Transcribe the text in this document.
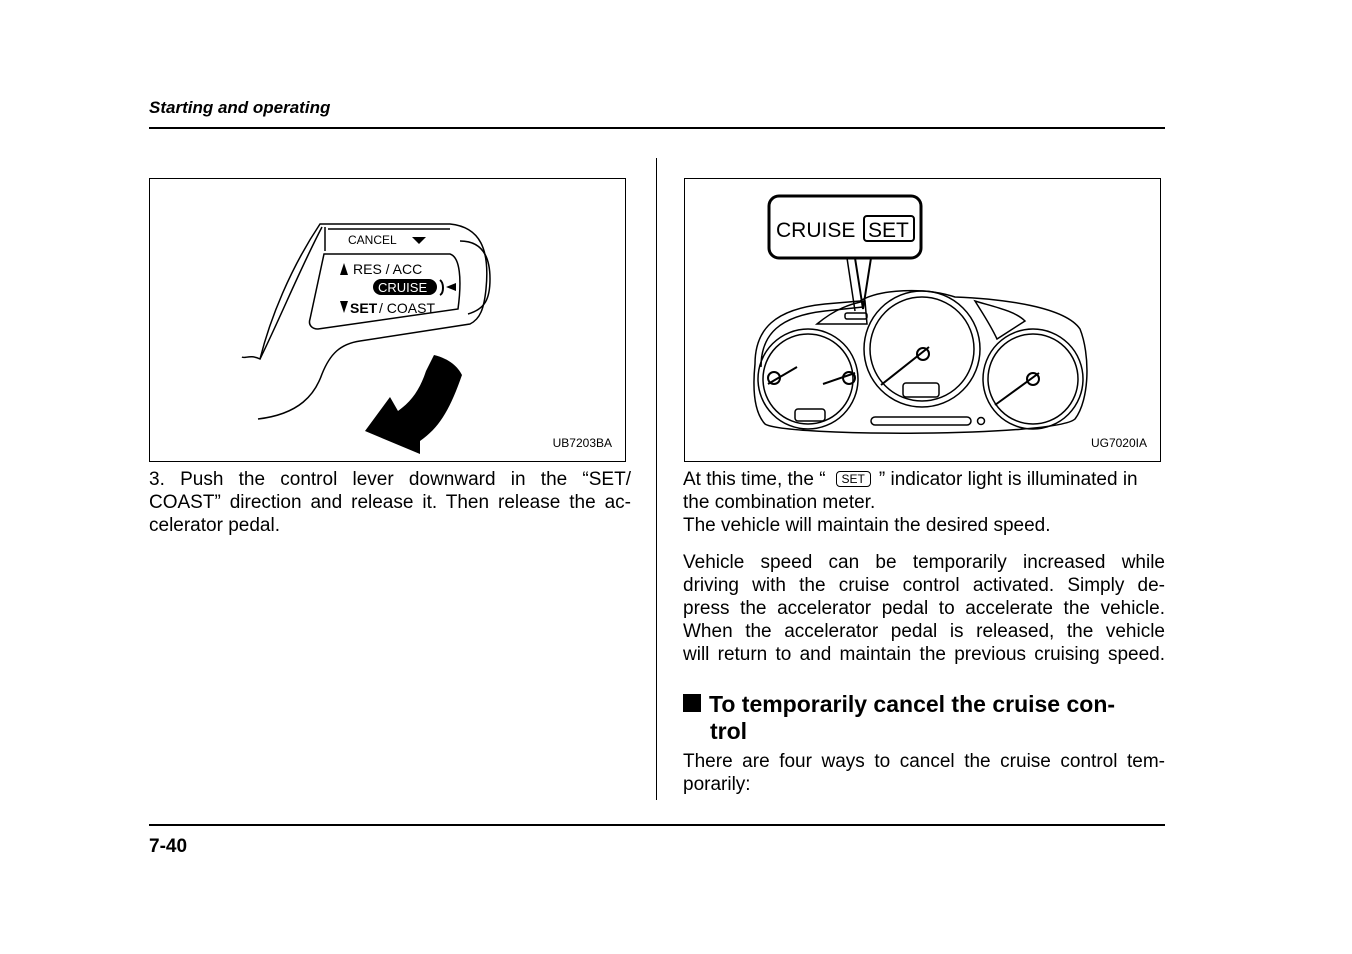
Starting and operating
CANCEL
RES / ACC
CRUISE
SET / COAST
UB7203BA
CRUISE SET
UG7020IA
3. Push the control lever downward in the “SET/
COAST” direction and release it. Then release the ac-
celerator pedal.
At this time, the “ SET ” indicator light is illuminated in
the combination meter.
The vehicle will maintain the desired speed.
Vehicle speed can be temporarily increased while
driving with the cruise control activated. Simply de-
press the accelerator pedal to accelerate the vehicle.
When the accelerator pedal is released, the vehicle
will return to and maintain the previous cruising speed.
To temporarily cancel the cruise con-
trol
There are four ways to cancel the cruise control tem-
porarily:
7-40
